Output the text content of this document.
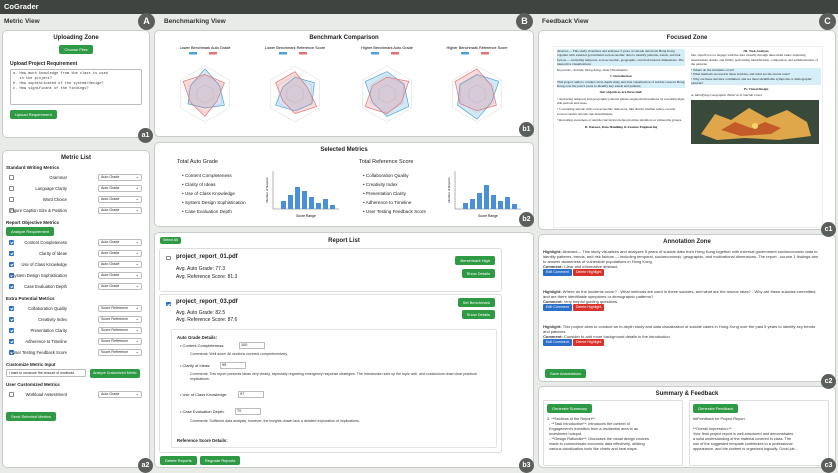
CoGrader
Metric View	Benchmarking View	Feedback View
Uploading Zone
Choose Files
Upload Project Requirement
a. How much knowledge from the class is used
in the project?
b. How sophisticated of the system/design?
c. How significant of the findings?
Upload Requirement
Metric List
Standard Writing Metrics
Grammar	Auto Grade ⌄
Language Clarity	Auto Grade ⌄
Word Choice	Auto Grade ⌄
Figure Caption Size & Position	Auto Grade ⌄
Report Objective Metrics
Analyze Requirement
Content Completeness	Auto Grade ⌄
Clarity of Ideas	Auto Grade ⌄
Use of Class Knowledge	Auto Grade ⌄
System Design Sophistication	Auto Grade ⌄
Case Evaluation Depth	Auto Grade ⌄
Extra Potential Metrics
Collaboration Quality	Score Reference ⌄
Creativity Index	Score Reference ⌄
Presentation Clarity	Score Reference ⌄
Adherence to Timeline	Score Reference ⌄
User Testing Feedback Score	Score Reference ⌄
Customize Metric Input
I want to measure the amount of workload	Analyze Customized Metric
User Customized Metrics
Workload Assessment	Auto Grade ⌄
Send Selected Metrics
Benchmark Comparison
Lower Benchmark Auto Grade	Lower Benchmark Reference Score	Higher Benchmark Auto Grade	Higher Benchmark Reference Score
Selected Metrics
Total Auto Grade
• Content Completeness
• Clarity of Ideas
• Use of Class Knowledge
• System Design Sophistication
• Case Evaluation Depth
Total Reference Score
• Collaboration Quality
• Creativity Index
• Presentation Clarity
• Adherence to Timeline
• User Testing Feedback Score
Score Range
Number of Reports
Score Range
Number of Reports
Select All	Report List
project_report_01.pdf
Avg. Auto Grade: 77.3
Avg. Reference Score: 81.3
Benchmark High
Show Details
project_report_03.pdf
Avg. Auto Grade: 82.5
Avg. Reference Score: 87.6
Set Benchmark
Show Details
Auto Grade Details:
• Content Completeness:	100
Comments: Well done! All sections covered comprehensively.
• Clarity of Ideas:	95
Comments: This report presents ideas very clearly, especially regarding emergency response strategies. The introduction sets up the topic well, and conclusions draw clear practical implications.
• Use of Class Knowledge:	97
• Case Evaluation Depth:	70
Comments: Sufficient data analysis, however, the insights drawn lack a detailed exploration of implications.
Reference Score Details:
Delete Reports	Regrade Reports
Focused Zone
Abstract— This study visualizes and analyzes 5 years of suicide data from Hong Kong together with external government socioeconomic data to identify patterns, trends, and risk factors — including temporal, socioeconomic, geographic, and motivational dimensions. The interactive visualizations
Keywords—Suicide, Hong Kong, Data Visualization
I. Introduction
This project aims to conduct an in-depth study and data visualization of suicide cases in Hong Kong over the past 5 years to identify key trends and patterns.
Our objectives are three-fold:
• Analyzing temporal and geographic patterns guides targeted interventions by revealing high-risk periods and areas.
• Correlating suicide with socioeconomic indicators, like district median salary, reveals socioeconomic suicide risk determinants.
• Revealing awareness of suicide risk factors helps prioritize attention on vulnerable groups.
II. Dataset, Data Handling & Feature Engineering
III. Task Analysis
Our objective is to engage with the data visually through three main tasks: exploring intermediate details, and finally performing identification, comparison, and summarization of the patterns.
• Where do the incidents occur?
• What methods are used in these suicides, and what are the rescue rates?
• Why are these suicides committed, and are there identifiable symptoms or demographic patterns?
IV. Visual Design
A. Identifying Geographic Patterns in Suicide Cases
Annotation Zone
Highlight: Abstract— This study visualizes and analyzes 5 years of suicide data from Hong Kong together with external government socioeconomic data to identify patterns, trends, and risk factors — including temporal, socioeconomic, geographic, and motivational dimensions. The report - source 1 findings aim to answer awareness of vulnerable populations in Hong Kong.
Comment: Clear and informative abstract.
Edit Comment Delete Highlight
Highlight: Where do the incidents occur? - What methods are used in these suicides, and what are the rescue rates? - Why are these suicides committed, and are there identifiable symptoms or demographic patterns?
Comment: Very helpful guiding questions.
Edit Comment Delete Highlight
Highlight: This project aims to conduct an in-depth study and data visualization of suicide cases in Hong Kong over the past 5 years to identify key trends and patterns.
Comment: Consider to add more background details in the introduction.
Edit Comment Delete Highlight
Save Annotations
Summary & Feedback
Generate Summary
3. **Sections of the Report**:
- **Task Introduction**: Introduces the context of
Engagement's transition from a residential area to an
investment hotspot.
- **Design Rationale**: Discusses the visual design choices
made to communicate economic data effectively, utilizing
various visualization tools like charts and heat maps.
Generate Feedback
##Feedback for Project Report
**Overall Impression:**
Your final project report is well-structured and demonstrates
a solid understanding of the material covered in class. The
use of the suggested template contributes to a professional
appearance, and the content is organized logically. Good job...
A	B	C
a1
a2
b1
b2
b3
c1
c2
c3
